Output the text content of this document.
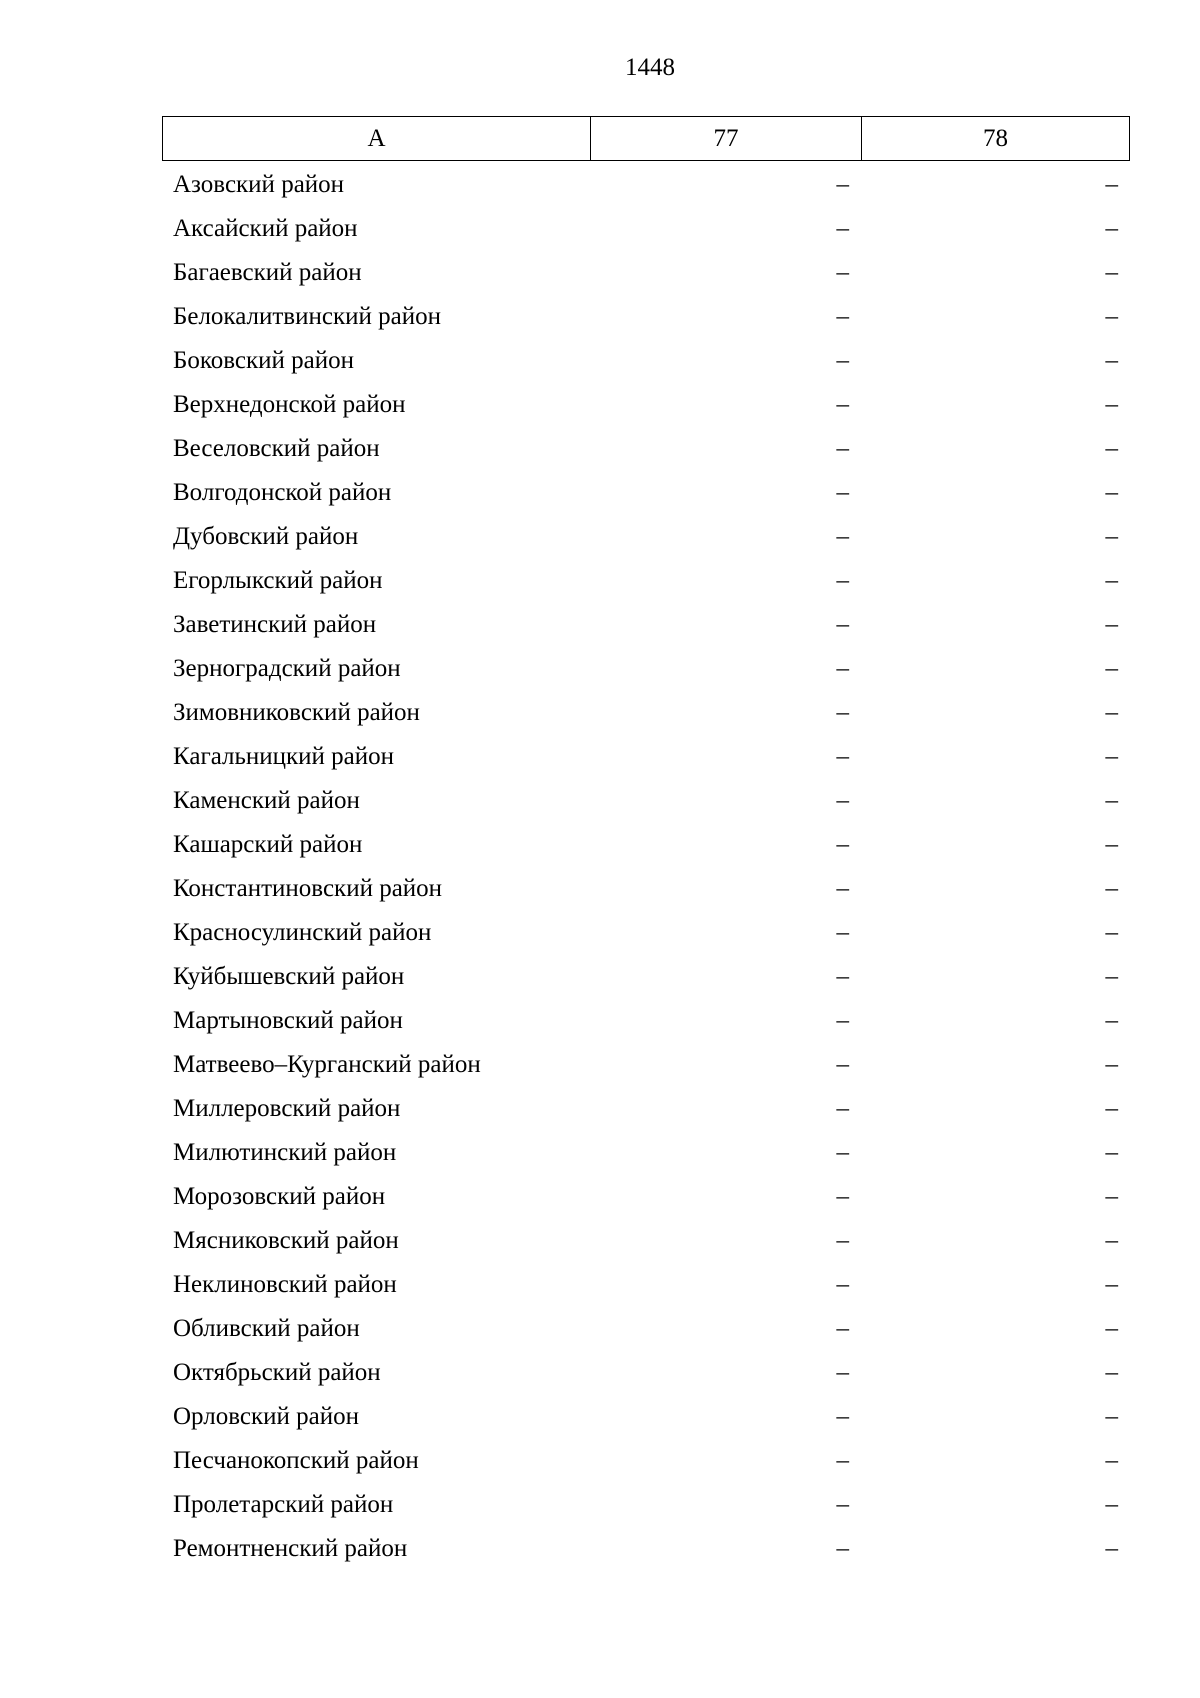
1448
А	77	78
Азовский район	–	–
Аксайский район	–	–
Багаевский район	–	–
Белокалитвинский район	–	–
Боковский район	–	–
Верхнедонской район	–	–
Веселовский район	–	–
Волгодонской район	–	–
Дубовский район	–	–
Егорлыкский район	–	–
Заветинский район	–	–
Зерноградский район	–	–
Зимовниковский район	–	–
Кагальницкий район	–	–
Каменский район	–	–
Кашарский район	–	–
Константиновский район	–	–
Красносулинский район	–	–
Куйбышевский район	–	–
Мартыновский район	–	–
Матвеево–Курганский район	–	–
Миллеровский район	–	–
Милютинский район	–	–
Морозовский район	–	–
Мясниковский район	–	–
Неклиновский район	–	–
Обливский район	–	–
Октябрьский район	–	–
Орловский район	–	–
Песчанокопский район	–	–
Пролетарский район	–	–
Ремонтненский район	–	–
